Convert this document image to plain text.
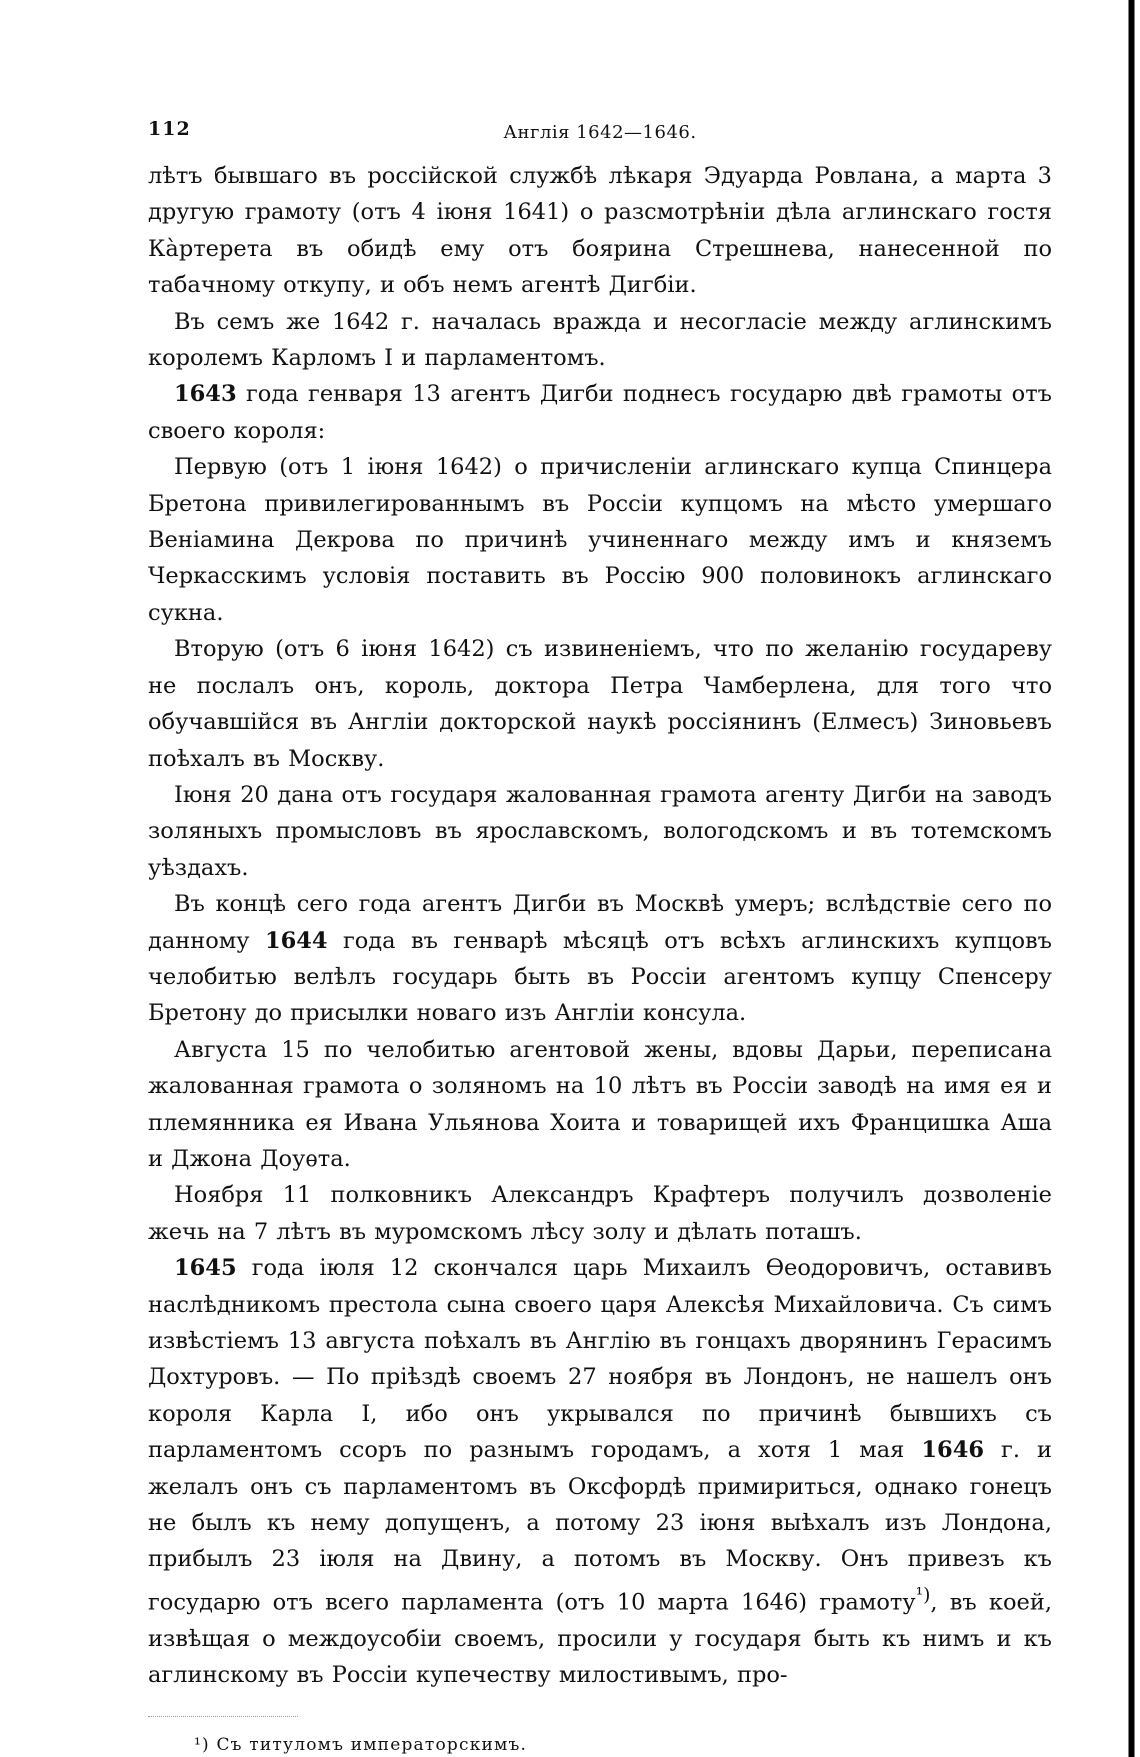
112	Англія 1642—1646.

лѣтъ бывшаго въ россійской службѣ лѣкаря Эдуарда Ровлана, а марта 3 другую грамоту (отъ 4 іюня 1641) о разсмотрѣніи дѣла аглинскаго гостя Ка̀ртерета въ обидѣ ему отъ боярина Стрешнева, нанесенной по табачному откупу, и объ немъ агентѣ Дигбіи.

Въ семъ же 1642 г. началась вражда и несогласіе между аглинскимъ королемъ Карломъ I и парламентомъ.

1643 года генваря 13 агентъ Дигби поднесъ государю двѣ грамоты отъ своего короля:

Первую (отъ 1 іюня 1642) о причисленіи аглинскаго купца Спинцера Бретона привилегированнымъ въ Россіи купцомъ на мѣсто умершаго Веніамина Декрова по причинѣ учиненнаго между имъ и княземъ Черкасскимъ условія поставить въ Россію 900 половинокъ аглинскаго сукна.

Вторую (отъ 6 іюня 1642) съ извиненіемъ, что по желанію государеву не послалъ онъ, король, доктора Петра Чамберлена, для того что обучавшійся въ Англіи докторской наукѣ россіянинъ (Елмесъ) Зиновьевъ поѣхалъ въ Москву.

Іюня 20 дана отъ государя жалованная грамота агенту Дигби на заводъ золяныхъ промысловъ въ ярославскомъ, вологодскомъ и въ тотемскомъ уѣздахъ.

Въ концѣ сего года агентъ Дигби въ Москвѣ умеръ; вслѣдствіе сего по данному 1644 года въ генварѣ мѣсяцѣ отъ всѣхъ аглинскихъ купцовъ челобитью велѣлъ государь быть въ Россіи агентомъ купцу Спенсеру Бретону до присылки новаго изъ Англіи консула.

Августа 15 по челобитью агентовой жены, вдовы Дарьи, переписана жалованная грамота о золяномъ на 10 лѣтъ въ Россіи заводѣ на имя ея и племянника ея Ивана Ульянова Хоита и товарищей ихъ Францишка Аша и Джона Доуѳта.

Ноября 11 полковникъ Александръ Крафтеръ получилъ дозволеніе жечь на 7 лѣтъ въ муромскомъ лѣсу золу и дѣлать поташъ.

1645 года іюля 12 скончался царь Михаилъ Ѳеодоровичъ, оставивъ наслѣдникомъ престола сына своего царя Алексѣя Михайловича. Съ симъ извѣстіемъ 13 августа поѣхалъ въ Англію въ гонцахъ дворянинъ Герасимъ Дохтуровъ. — По пріѣздѣ своемъ 27 ноября въ Лондонъ, не нашелъ онъ короля Карла I, ибо онъ укрывался по причинѣ бывшихъ съ парламентомъ ссоръ по разнымъ городамъ, а хотя 1 мая 1646 г. и желалъ онъ съ парламентомъ въ Оксфордѣ примириться, однако гонецъ не былъ къ нему допущенъ, а потому 23 іюня выѣхалъ изъ Лондона, прибылъ 23 іюля на Двину, а потомъ въ Москву. Онъ привезъ къ государю отъ всего парламента (отъ 10 марта 1646) грамоту$^{^1)}$, въ коей, извѣщая о междоусобіи своемъ, просили у государя быть къ нимъ и къ аглинскому въ Россіи купечеству милостивымъ, про-

¹) Съ титуломъ императорскимъ.
